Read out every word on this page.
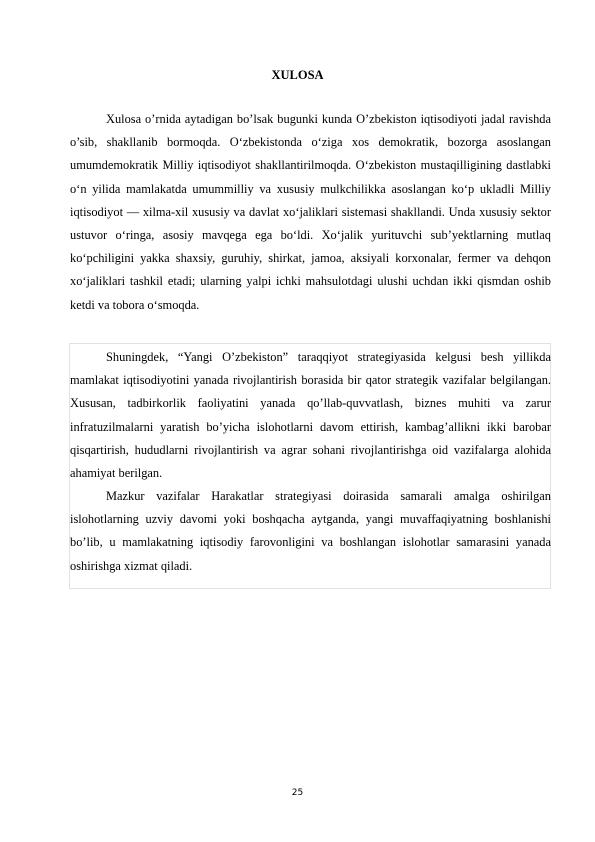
XULOSA

Xulosa o’rnida aytadigan bo’lsak bugunki kunda O’zbekiston iqtisodiyoti jadal ravishda o’sib, shakllanib bormoqda. O‘zbekistonda o‘ziga xos demokratik, bozorga asoslangan umumdemokratik Milliy iqtisodiyot shakllantirilmoqda. O‘zbekiston mustaqilligining dastlabki o‘n yilida mamlakatda umummilliy va xususiy mulkchilikka asoslangan ko‘p ukladli Milliy iqtisodiyot — xilma-xil xususiy va davlat xo‘jaliklari sistemasi shakllandi. Unda xususiy sektor ustuvor o‘ringa, asosiy mavqega ega bo‘ldi. Xo‘jalik yurituvchi sub’yektlarning mutlaq ko‘pchiligini yakka shaxsiy, guruhiy, shirkat, jamoa, aksiyali korxonalar, fermer va dehqon xo‘jaliklari tashkil etadi; ularning yalpi ichki mahsulotdagi ulushi uchdan ikki qismdan oshib ketdi va tobora o‘smoqda.

Shuningdek, “Yangi O’zbekiston” taraqqiyot strategiyasida kelgusi besh yillikda mamlakat iqtisodiyotini yanada rivojlantirish borasida bir qator strategik vazifalar belgilangan. Xususan, tadbirkorlik faoliyatini yanada qo’llab-quvvatlash, biznes muhiti va zarur infratuzilmalarni yaratish bo’yicha islohotlarni davom ettirish, kambag’allikni ikki barobar qisqartirish, hududlarni rivojlantirish va agrar sohani rivojlantirishga oid vazifalarga alohida ahamiyat berilgan.

Mazkur vazifalar Harakatlar strategiyasi doirasida samarali amalga oshirilgan islohotlarning uzviy davomi yoki boshqacha aytganda, yangi muvaffaqiyatning boshlanishi bo’lib, u mamlakatning iqtisodiy farovonligini va boshlangan islohotlar samarasini yanada oshirishga xizmat qiladi.

25
